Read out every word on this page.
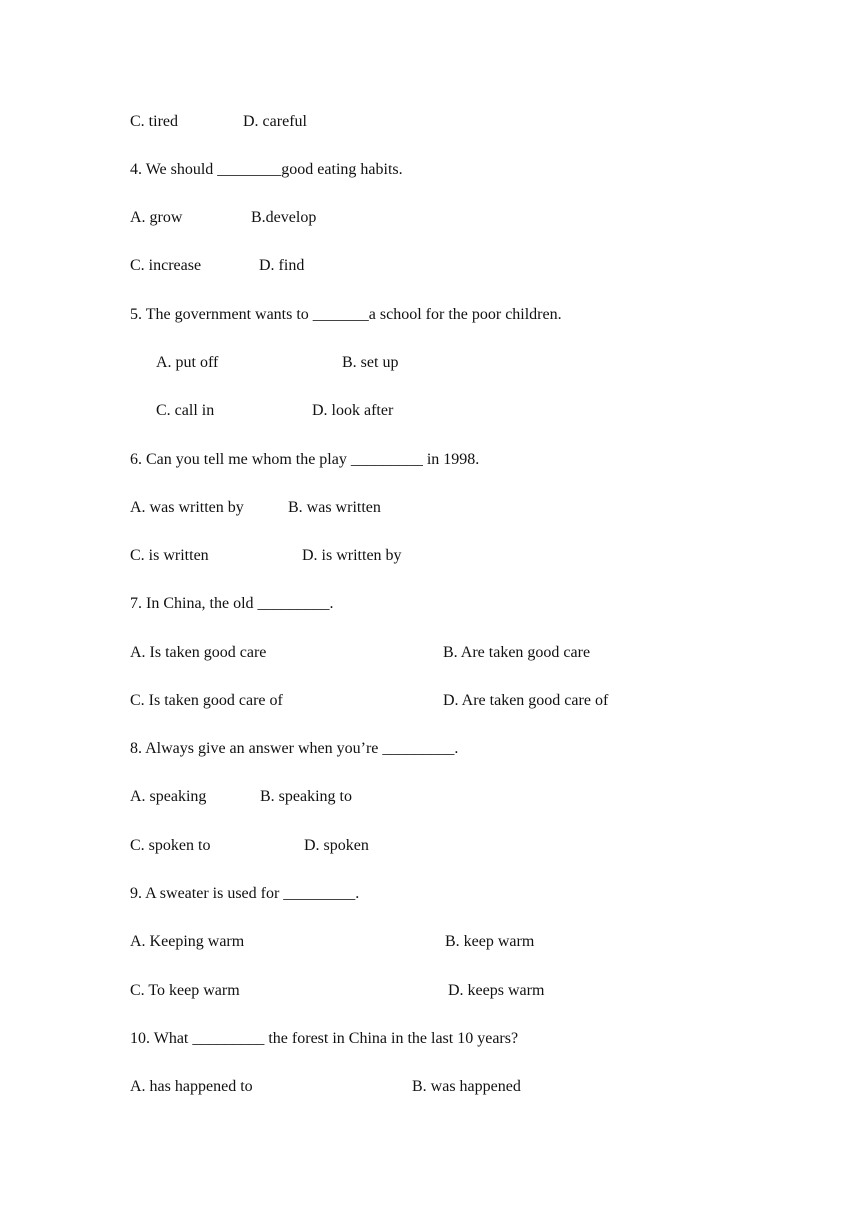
C. tired	D. careful
4. We should ________good eating habits.
A. grow	B.develop
C. increase	D. find
5. The government wants to _______a school for the poor children.
A. put off	B. set up
C. call in	D. look after
6. Can you tell me whom the play _________ in 1998.
A. was written by	B. was written
C. is written	D. is written by
7. In China, the old _________.
A. Is taken good care	B. Are taken good care
C. Is taken good care of	D. Are taken good care of
8. Always give an answer when you’re _________.
A. speaking	B. speaking to
C. spoken to	D. spoken
9. A sweater is used for _________.
A. Keeping warm	B. keep warm
C. To keep warm	D. keeps warm
10. What _________ the forest in China in the last 10 years?
A. has happened to	B. was happened
